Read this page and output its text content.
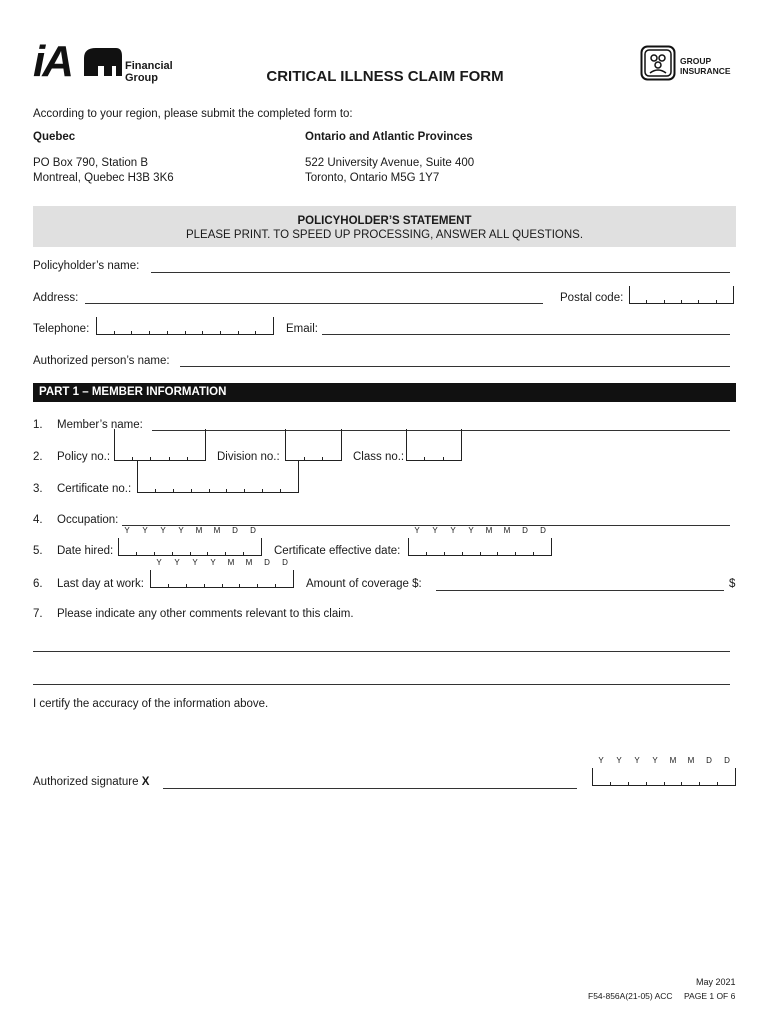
iA	Financial
Group	CRITICAL ILLNESS CLAIM FORM
GROUP
INSURANCE
According to your region, please submit the completed form to:
Quebec
PO Box 790, Station B
Montreal, Quebec H3B 3K6
Ontario and Atlantic Provinces
522 University Avenue, Suite 400
Toronto, Ontario M5G 1Y7
POLICYHOLDER’S STATEMENT
PLEASE PRINT. TO SPEED UP PROCESSING, ANSWER ALL QUESTIONS.
Policyholder’s name:
Address:	Postal code:
Telephone:	Email:
Authorized person’s name:
PART 1 – MEMBER INFORMATION
1. Member’s name:
2. Policy no.:	Division no.:	Class no.:
3. Certificate no.:
4. Occupation:
Y	Y	Y	Y	M	M	D	D
5. Date hired:	Certificate effective date:
Y	Y	Y	Y	M	M	D	D
Y	Y	Y	Y	M	M	D	D
6. Last day at work:	Amount of coverage $:	$
7. Please indicate any other comments relevant to this claim.
I certify the accuracy of the information above.
Authorized signature X
Y	Y	Y	Y	M	M	D	D
May 2021
F54-856A(21-05) ACC PAGE 1 OF 6
